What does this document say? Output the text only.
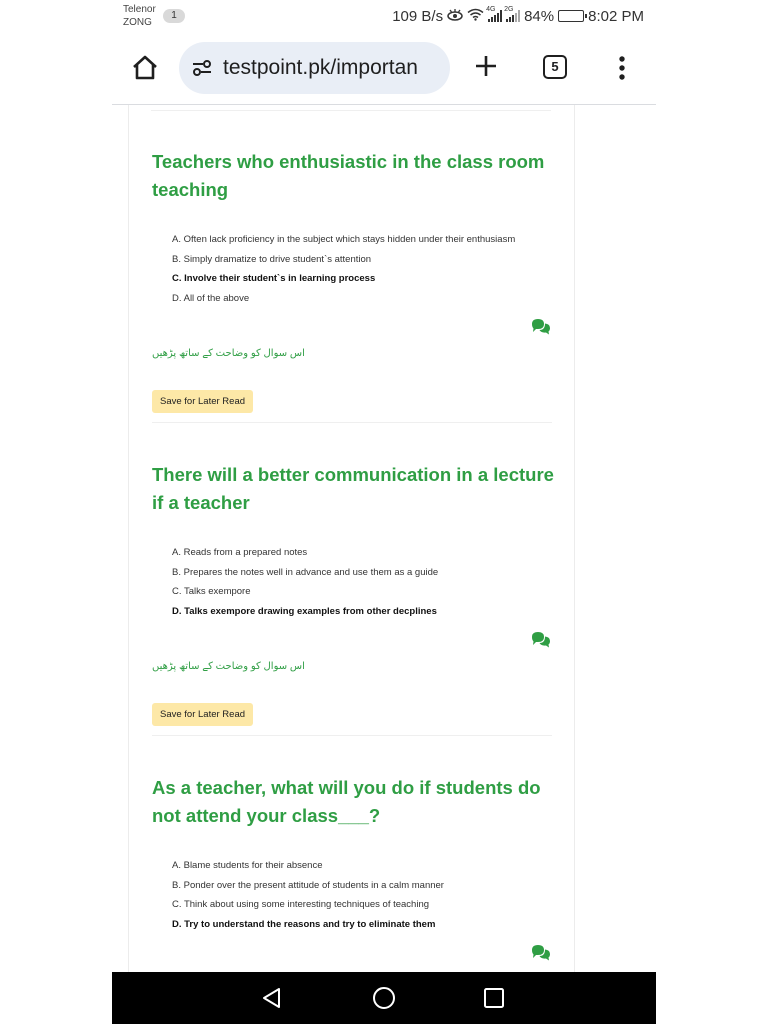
Telenor
ZONG
1	109 B/s	4G 2G 84% 8:02 PM
testpoint.pk/importan	5
Teachers who enthusiastic in the class room teaching
A. Often lack proficiency in the subject which stays hidden under their enthusiasm
B. Simply dramatize to drive student`s attention
C. Involve their student`s in learning process
D. All of the above
اس سوال کو وضاحت کے ساتھ پڑھیں
Save for Later Read
There will a better communication in a lecture if a teacher
A. Reads from a prepared notes
B. Prepares the notes well in advance and use them as a guide
C. Talks exempore
D. Talks exempore drawing examples from other decplines
اس سوال کو وضاحت کے ساتھ پڑھیں
Save for Later Read
As a teacher, what will you do if students do not attend your class___?
A. Blame students for their absence
B. Ponder over the present attitude of students in a calm manner
C. Think about using some interesting techniques of teaching
D. Try to understand the reasons and try to eliminate them
